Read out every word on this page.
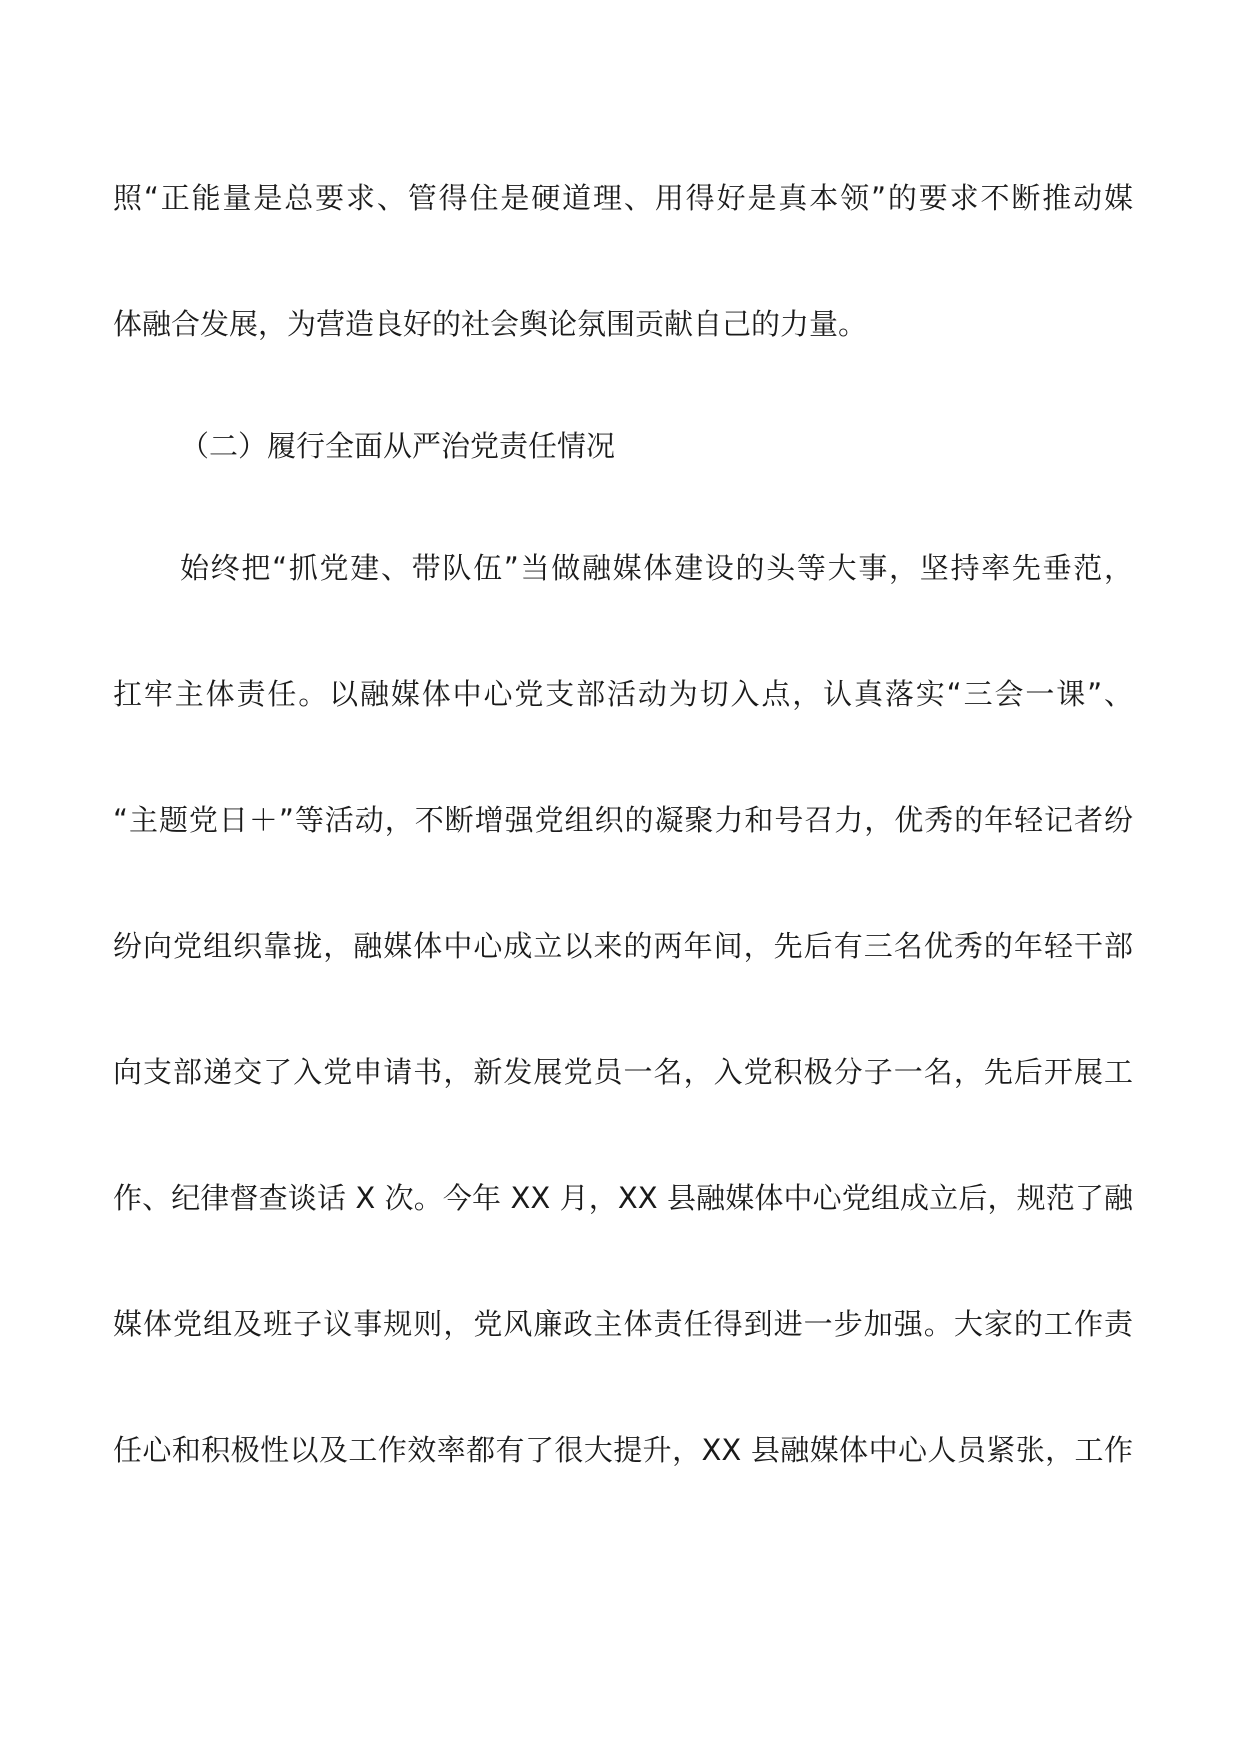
照“正能量是总要求、管得住是硬道理、用得好是真本领”的要求不断推动媒
体融合发展，为营造良好的社会舆论氛围贡献自己的力量。
（二）履行全面从严治党责任情况
始终把“抓党建、带队伍”当做融媒体建设的头等大事，坚持率先垂范，
扛牢主体责任。以融媒体中心党支部活动为切入点，认真落实“三会一课”、
“主题党日＋”等活动，不断增强党组织的凝聚力和号召力，优秀的年轻记者纷
纷向党组织靠拢，融媒体中心成立以来的两年间，先后有三名优秀的年轻干部
向支部递交了入党申请书，新发展党员一名，入党积极分子一名，先后开展工
作、纪律督查谈话 X 次。今年 XX 月，XX 县融媒体中心党组成立后，规范了融
媒体党组及班子议事规则，党风廉政主体责任得到进一步加强。大家的工作责
任心和积极性以及工作效率都有了很大提升，XX 县融媒体中心人员紧张，工作
